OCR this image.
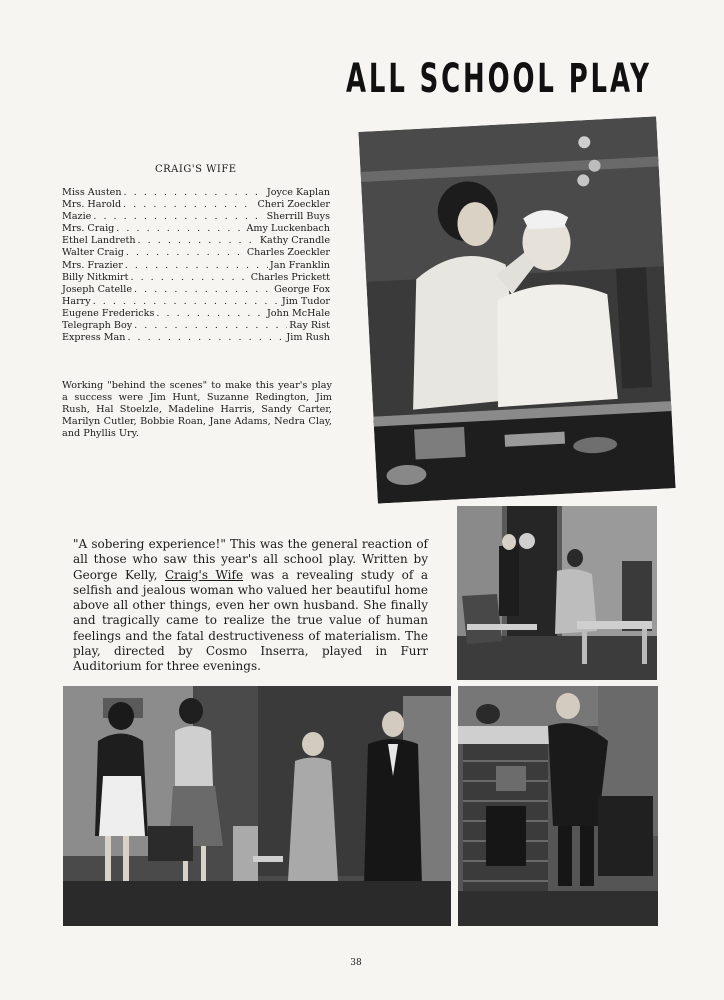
ALL SCHOOL PLAY
CRAIG'S WIFE
Miss Austen . . .	Joyce Kaplan
Mrs. Harold . . .	Cheri Zoeckler
Mazie . . .	Sherrill Buys
Mrs. Craig . . .	Amy Luckenbach
Ethel Landreth . . .	Kathy Crandle
Walter Craig . . .	Charles Zoeckler
Mrs. Frazier . . .	Jan Franklin
Billy Nitkmirt . . .	Charles Prickett
Joseph Catelle . . .	George Fox
Harry . . .	Jim Tudor
Eugene Fredericks . . .	John McHale
Telegraph Boy . . .	Ray Rist
Express Man . . .	Jim Rush
Working "behind the scenes" to make this year's play a success were Jim Hunt, Suzanne Redington, Jim Rush, Hal Stoelzle, Madeline Harris, Sandy Carter, Marilyn Cutler, Bobbie Roan, Jane Adams, Nedra Clay, and Phyllis Ury.
"A sobering experience!" This was the general reaction of all those who saw this year's all school play. Written by George Kelly, Craig's Wife was a revealing study of a selfish and jealous woman who valued her beautiful home above all other things, even her own husband. She finally and tragically came to realize the true value of human feelings and the fatal destructiveness of materialism. The play, directed by Cosmo Inserra, played in Furr Auditorium for three evenings.
38
